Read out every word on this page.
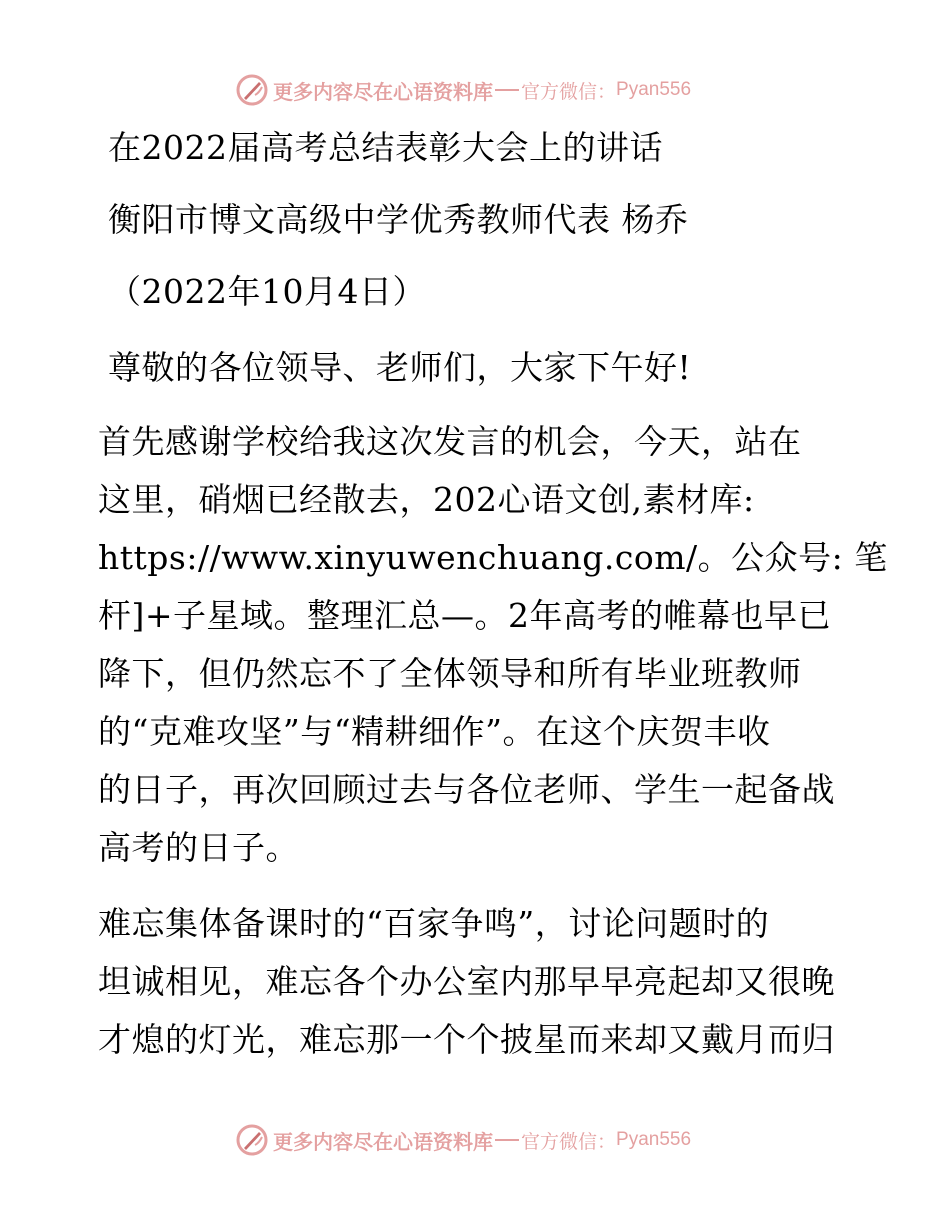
更多内容尽在心语资料库 官方微信： Pyan556
在2022届高考总结表彰大会上的讲话
衡阳市博文高级中学优秀教师代表 杨乔
（2022年10月4日）
尊敬的各位领导、老师们，大家下午好!
首先感谢学校给我这次发言的机会，今天，站在
这里，硝烟已经散去，202心语文创,素材库:
https://www.xinyuwenchuang.com/。公众号: 笔
杆]+子星域。整理汇总—。2年高考的帷幕也早已
降下，但仍然忘不了全体领导和所有毕业班教师
的“克难攻坚”与“精耕细作”。在这个庆贺丰收
的日子，再次回顾过去与各位老师、学生一起备战
高考的日子。
难忘集体备课时的“百家争鸣”，讨论问题时的
坦诚相见，难忘各个办公室内那早早亮起却又很晚
才熄的灯光，难忘那一个个披星而来却又戴月而归
更多内容尽在心语资料库 官方微信： Pyan556
